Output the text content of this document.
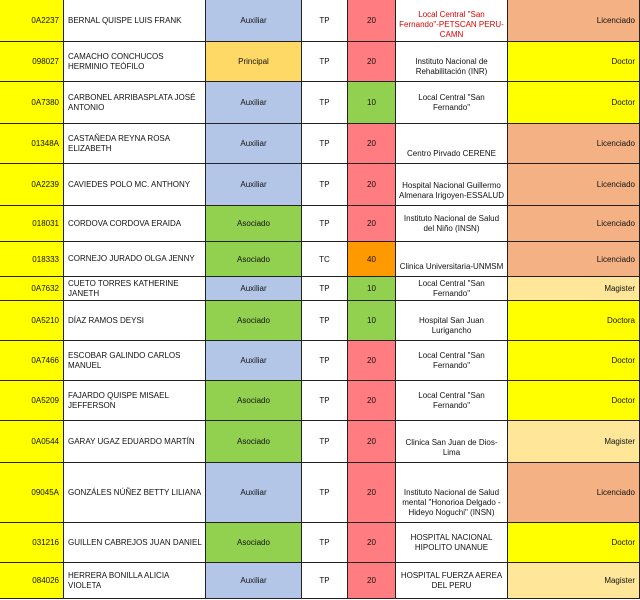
0A2237	BERNAL QUISPE LUIS FRANK	Auxiliar	TP	20	Local Central "San Fernando"-PETSCAN PERU-CAMN	Licenciado
098027	CAMACHO CONCHUCOS HERMINIO TEÓFILO	Principal	TP	20	Instituto Nacional de Rehabilitación (INR)	Doctor
0A7380	CARBONEL ARRIBASPLATA JOSÉ ANTONIO	Auxiliar	TP	10	Local Central "San Fernando"	Doctor
01348A	CASTAÑEDA REYNA ROSA ELIZABETH	Auxiliar	TP	20	Centro Pirvado CERENE	Licenciado
0A2239	CAVIEDES POLO MC. ANTHONY	Auxiliar	TP	20	Hospital Nacional Guillermo Almenara Irigoyen-ESSALUD	Licenciado
018031	CORDOVA CORDOVA ERAIDA	Asociado	TP	20	Instituto Nacional de Salud del Niño (INSN)	Licenciado
018333	CORNEJO JURADO OLGA JENNY	Asociado	TC	40	Clinica Universitaria-UNMSM	Licenciado
0A7632	CUETO TORRES KATHERINE JANETH	Auxiliar	TP	10	Local Central "San Fernando"	Magister
0A5210	DÍAZ RAMOS DEYSI	Asociado	TP	10	Hospital San Juan Lurigancho	Doctora
0A7466	ESCOBAR GALINDO CARLOS MANUEL	Auxiliar	TP	20	Local Central "San Fernando"	Doctor
0A5209	FAJARDO QUISPE MISAEL JEFFERSON	Asociado	TP	20	Local Central "San Fernando"	Doctor
0A0544	GARAY UGAZ EDUARDO MARTÍN	Asociado	TP	20	Clinica San Juan de Dios-Lima	Magister
09045A	GONZÁLES NÚÑEZ BETTY LILIANA	Auxiliar	TP	20	Instituto Nacional de Salud mental "Honorioa Delgado - Hideyo Noguchi" (INSN)	Licenciado
031216	GUILLEN CABREJOS JUAN DANIEL	Asociado	TP	20	HOSPITAL NACIONAL HIPOLITO UNANUE	Doctor
084026	HERRERA BONILLA ALICIA VIOLETA	Auxiliar	TP	20	HOSPITAL FUERZA AEREA DEL PERU	Magister
